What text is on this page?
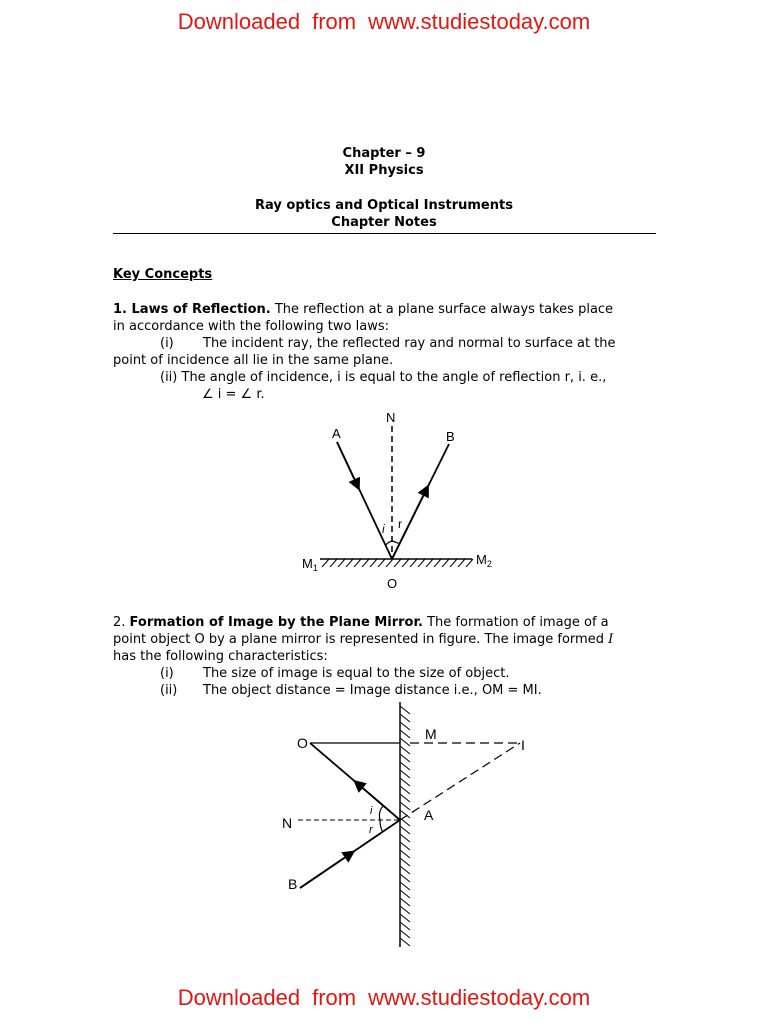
Downloaded from www.studiestoday.com
Chapter – 9
XII Physics
Ray optics and Optical Instruments
Chapter Notes
Key Concepts
1. Laws of Reflection. The reflection at a plane surface always takes place
in accordance with the following two laws:
(i) The incident ray, the reflected ray and normal to surface at the
point of incidence all lie in the same plane.
(ii) The angle of incidence, i is equal to the angle of reflection r, i. e.,
∠ i = ∠ r.
N
A	B
i r
$M_1$
$M_2$
O
2. Formation of Image by the Plane Mirror. The formation of image of a
point object O by a plane mirror is represented in figure. The image formed I
has the following characteristics:
(i) The size of image is equal to the size of object.
(ii) The object distance = Image distance i.e., OM = MI.
O
M
I
A
N
B
i
r
Downloaded from www.studiestoday.com
